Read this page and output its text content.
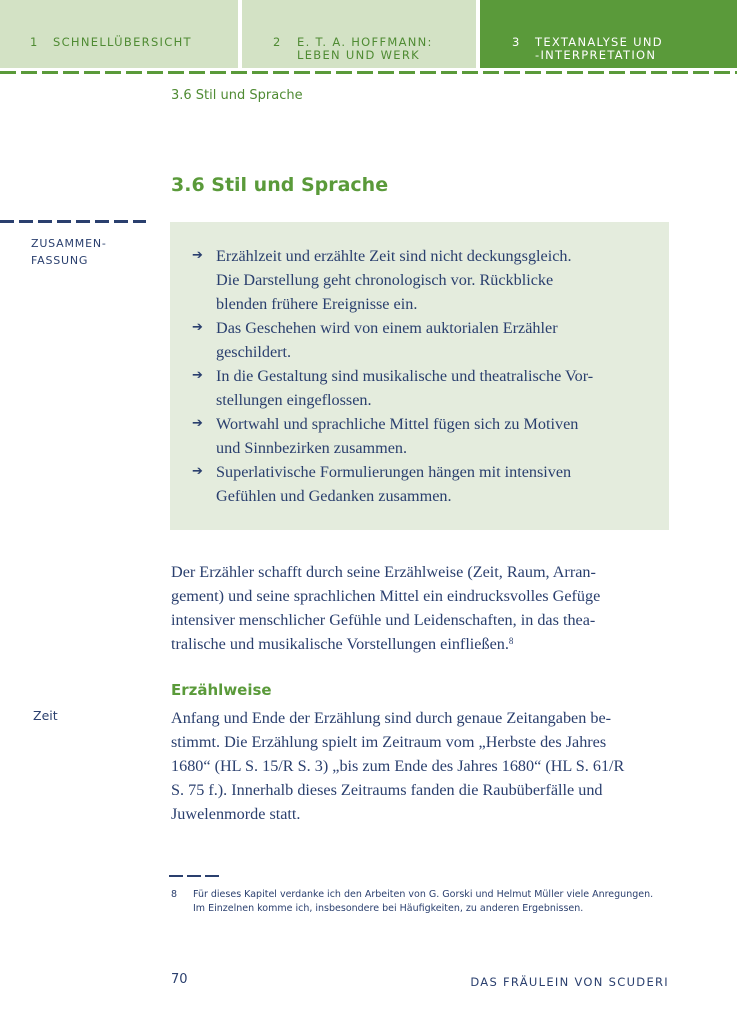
1 SCHNELLÜBERSICHT	2 E. T. A. HOFFMANN:
LEBEN UND WERK
3 TEXTANALYSE UND
-INTERPRETATION
3.6 Stil und Sprache
3.6 Stil und Sprache
ZUSAMMEN-
FASSUNG	➔ Erzählzeit und erzählte Zeit sind nicht deckungsgleich.
Die Darstellung geht chronologisch vor. Rückblicke
blenden frühere Ereignisse ein.
➔ Das Geschehen wird von einem auktorialen Erzähler
geschildert.
➔ In die Gestaltung sind musikalische und theatralische Vor-
stellungen eingeflossen.
➔ Wortwahl und sprachliche Mittel fügen sich zu Motiven
und Sinnbezirken zusammen.
➔ Superlativische Formulierungen hängen mit intensiven
Gefühlen und Gedanken zusammen.
Der Erzähler schafft durch seine Erzählweise (Zeit, Raum, Arran-
gement) und seine sprachlichen Mittel ein eindrucksvolles Gefüge
intensiver menschlicher Gefühle und Leidenschaften, in das thea-
tralische und musikalische Vorstellungen einfließen.$^8$
Erzählweise
Zeit	Anfang und Ende der Erzählung sind durch genaue Zeitangaben be-
stimmt. Die Erzählung spielt im Zeitraum vom „Herbste des Jahres
1680“ (HL S. 15/R S. 3) „bis zum Ende des Jahres 1680“ (HL S. 61/R
S. 75 f.). Innerhalb dieses Zeitraums fanden die Raubüberfälle und
Juwelenmorde statt.
8 Für dieses Kapitel verdanke ich den Arbeiten von G. Gorski und Helmut Müller viele Anregungen.
Im Einzelnen komme ich, insbesondere bei Häufigkeiten, zu anderen Ergebnissen.
70	DAS FRÄULEIN VON SCUDERI
